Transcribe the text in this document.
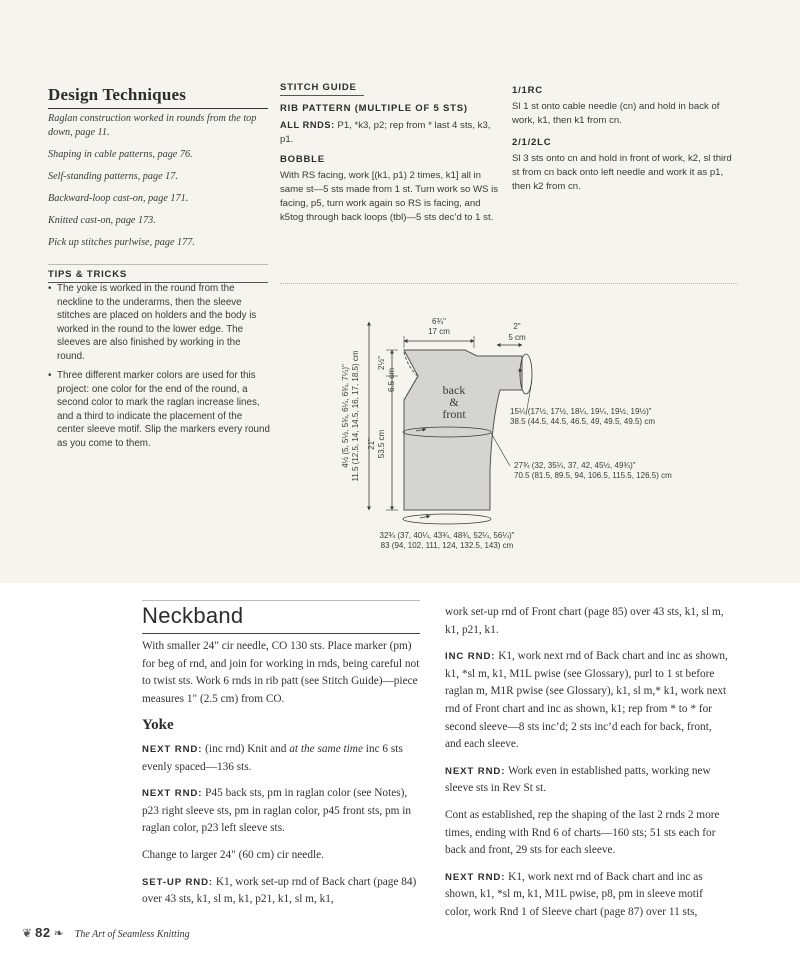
Design Techniques
Raglan construction worked in rounds from the top down, page 11.
Shaping in cable patterns, page 76.
Self-standing patterns, page 17.
Backward-loop cast-on, page 171.
Knitted cast-on, page 173.
Pick up stitches purlwise, page 177.
TIPS & TRICKS
• The yoke is worked in the round from the neckline to the underarms, then the sleeve stitches are placed on holders and the body is worked in the round to the lower edge. The sleeves are also finished by working in the round.
• Three different marker colors are used for this project: one color for the end of the round, a second color to mark the raglan increase lines, and a third to indicate the placement of the center sleeve motif. Slip the markers every round as you come to them.
STITCH GUIDE
RIB PATTERN (MULTIPLE OF 5 STS)
ALL RNDS: P1, *k3, p2; rep from * last 4 sts, k3, p1.
BOBBLE
With RS facing, work [(k1, p1) 2 times, k1] all in same st—5 sts made from 1 st. Turn work so WS is facing, p5, turn work again so RS is facing, and k5tog through back loops (tbl)—5 sts dec’d to 1 st.
1/1RC
Sl 1 st onto cable needle (cn) and hold in back of work, k1, then k1 from cn.
2/1/2LC
Sl 3 sts onto cn and hold in front of work, k2, sl third st from cn back onto left needle and work it as p1, then k2 from cn.
6¾"
17 cm
2"
5 cm
15¼ (17½, 17½, 18¼, 19¼, 19½, 19½)"
38.5 (44.5, 44.5, 46.5, 49, 49.5, 49.5) cm
back
&
front
27¾ (32, 35¼, 37, 42, 45½, 49¾)"
70.5 (81.5, 89.5, 94, 106.5, 115.5, 126.5) cm
32¾ (37, 40¼, 43¾, 48¾, 52¼, 56¼)"
83 (94, 102, 111, 124, 132.5, 143) cm
2½"
6.5 cm
21" 53.5 cm
4½ (5, 5½, 5¾, 6¼, 6¾, 7¼)" 11.5 (12.5, 14, 14.5, 16, 17, 18.5) cm
Neckband

With smaller 24" cir needle, CO 130 sts. Place marker (pm) for beg of rnd, and join for working in rnds, being careful not to twist sts. Work 6 rnds in rib patt (see Stitch Guide)—piece measures 1" (2.5 cm) from CO.

Yoke

NEXT RND: (inc rnd) Knit and at the same time inc 6 sts evenly spaced—136 sts.

NEXT RND: P45 back sts, pm in raglan color (see Notes), p23 right sleeve sts, pm in raglan color, p45 front sts, pm in raglan color, p23 left sleeve sts.

Change to larger 24" (60 cm) cir needle.

SET-UP RND: K1, work set-up rnd of Back chart (page 84) over 43 sts, k1, sl m, k1, p21, k1, sl m, k1,

work set-up rnd of Front chart (page 85) over 43 sts, k1, sl m, k1, p21, k1.

INC RND: K1, work next rnd of Back chart and inc as shown, k1, *sl m, k1, M1L pwise (see Glossary), purl to 1 st before raglan m, M1R pwise (see Glossary), k1, sl m,* k1, work next rnd of Front chart and inc as shown, k1; rep from * to * for second sleeve—8 sts inc’d; 2 sts inc’d each for back, front, and each sleeve.

NEXT RND: Work even in established patts, working new sleeve sts in Rev St st.

Cont as established, rep the shaping of the last 2 rnds 2 more times, ending with Rnd 6 of charts—160 sts; 51 sts each for back and front, 29 sts for each sleeve.

NEXT RND: K1, work next rnd of Back chart and inc as shown, k1, *sl m, k1, M1L pwise, p8, pm in sleeve motif color, work Rnd 1 of Sleeve chart (page 87) over 11 sts,

❦ 82 ❧ The Art of Seamless Knitting
